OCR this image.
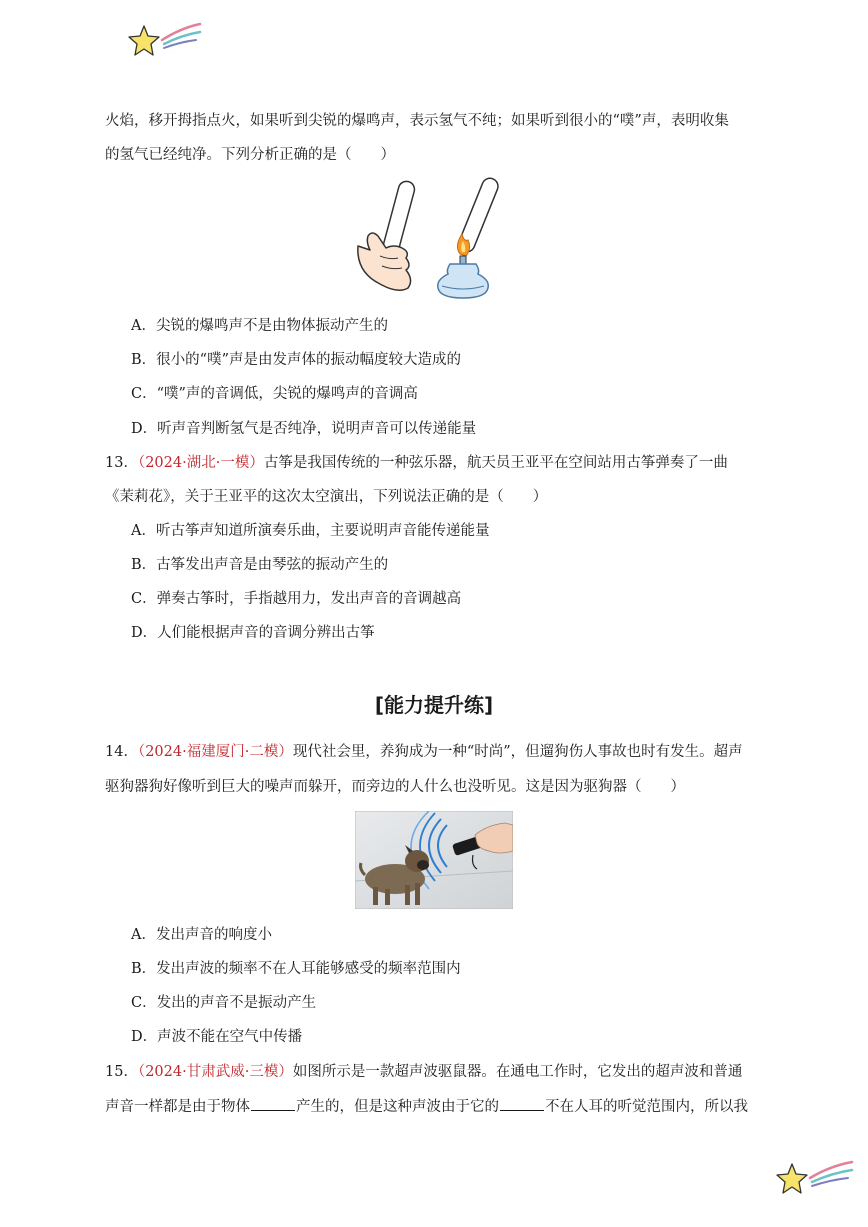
火焰，移开拇指点火，如果听到尖锐的爆鸣声，表示氢气不纯；如果听到很小的“噗”声，表明收集
的氢气已经纯净。下列分析正确的是（　　）
A．尖锐的爆鸣声不是由物体振动产生的
B．很小的“噗”声是由发声体的振动幅度较大造成的
C．“噗”声的音调低，尖锐的爆鸣声的音调高
D．听声音判断氢气是否纯净，说明声音可以传递能量
13．（2024·湖北·一模）古筝是我国传统的一种弦乐器，航天员王亚平在空间站用古筝弹奏了一曲
《茉莉花》，关于王亚平的这次太空演出，下列说法正确的是（　　）
A．听古筝声知道所演奏乐曲，主要说明声音能传递能量
B．古筝发出声音是由琴弦的振动产生的
C．弹奏古筝时，手指越用力，发出声音的音调越高
D．人们能根据声音的音调分辨出古筝
[能力提升练]
14．（2024·福建厦门·二模）现代社会里，养狗成为一种“时尚”，但遛狗伤人事故也时有发生。超声
驱狗器狗好像听到巨大的噪声而躲开，而旁边的人什么也没听见。这是因为驱狗器（　　）
A．发出声音的响度小
B．发出声波的频率不在人耳能够感受的频率范围内
C．发出的声音不是振动产生
D．声波不能在空气中传播
15．（2024·甘肃武威·三模）如图所示是一款超声波驱鼠器。在通电工作时，它发出的超声波和普通
声音一样都是由于物体	产生的，但是这种声波由于它的	不在人耳的听觉范围内，所以我
